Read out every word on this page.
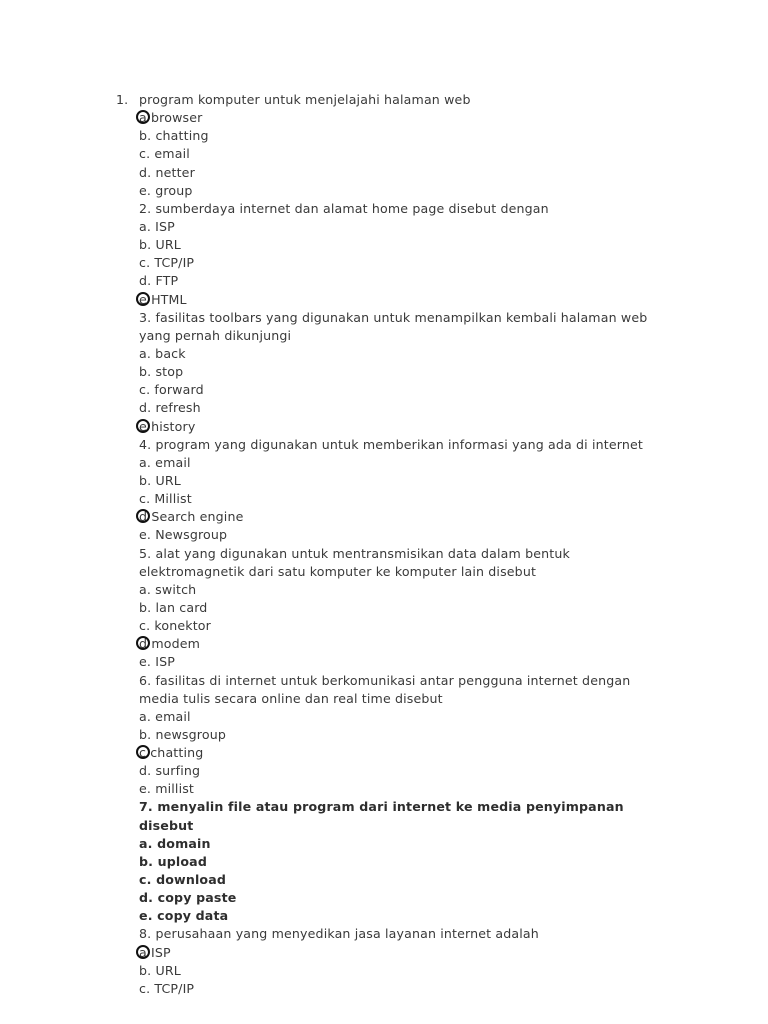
1. program komputer untuk menjelajahi halaman web
a browser
b. chatting
c. email
d. netter
e. group
2. sumberdaya internet dan alamat home page disebut dengan
a. ISP
b. URL
c. TCP/IP
d. FTP
e HTML
3. fasilitas toolbars yang digunakan untuk menampilkan kembali halaman web
yang pernah dikunjungi
a. back
b. stop
c. forward
d. refresh
e history
4. program yang digunakan untuk memberikan informasi yang ada di internet
a. email
b. URL
c. Millist
d Search engine
e. Newsgroup
5. alat yang digunakan untuk mentransmisikan data dalam bentuk
elektromagnetik dari satu komputer ke komputer lain disebut
a. switch
b. lan card
c. konektor
d modem
e. ISP
6. fasilitas di internet untuk berkomunikasi antar pengguna internet dengan
media tulis secara online dan real time disebut
a. email
b. newsgroup
c chatting
d. surfing
e. millist
7. menyalin file atau program dari internet ke media penyimpanan
disebut
a. domain
b. upload
c. download
d. copy paste
e. copy data
8. perusahaan yang menyedikan jasa layanan internet adalah
a ISP
b. URL
c. TCP/IP
